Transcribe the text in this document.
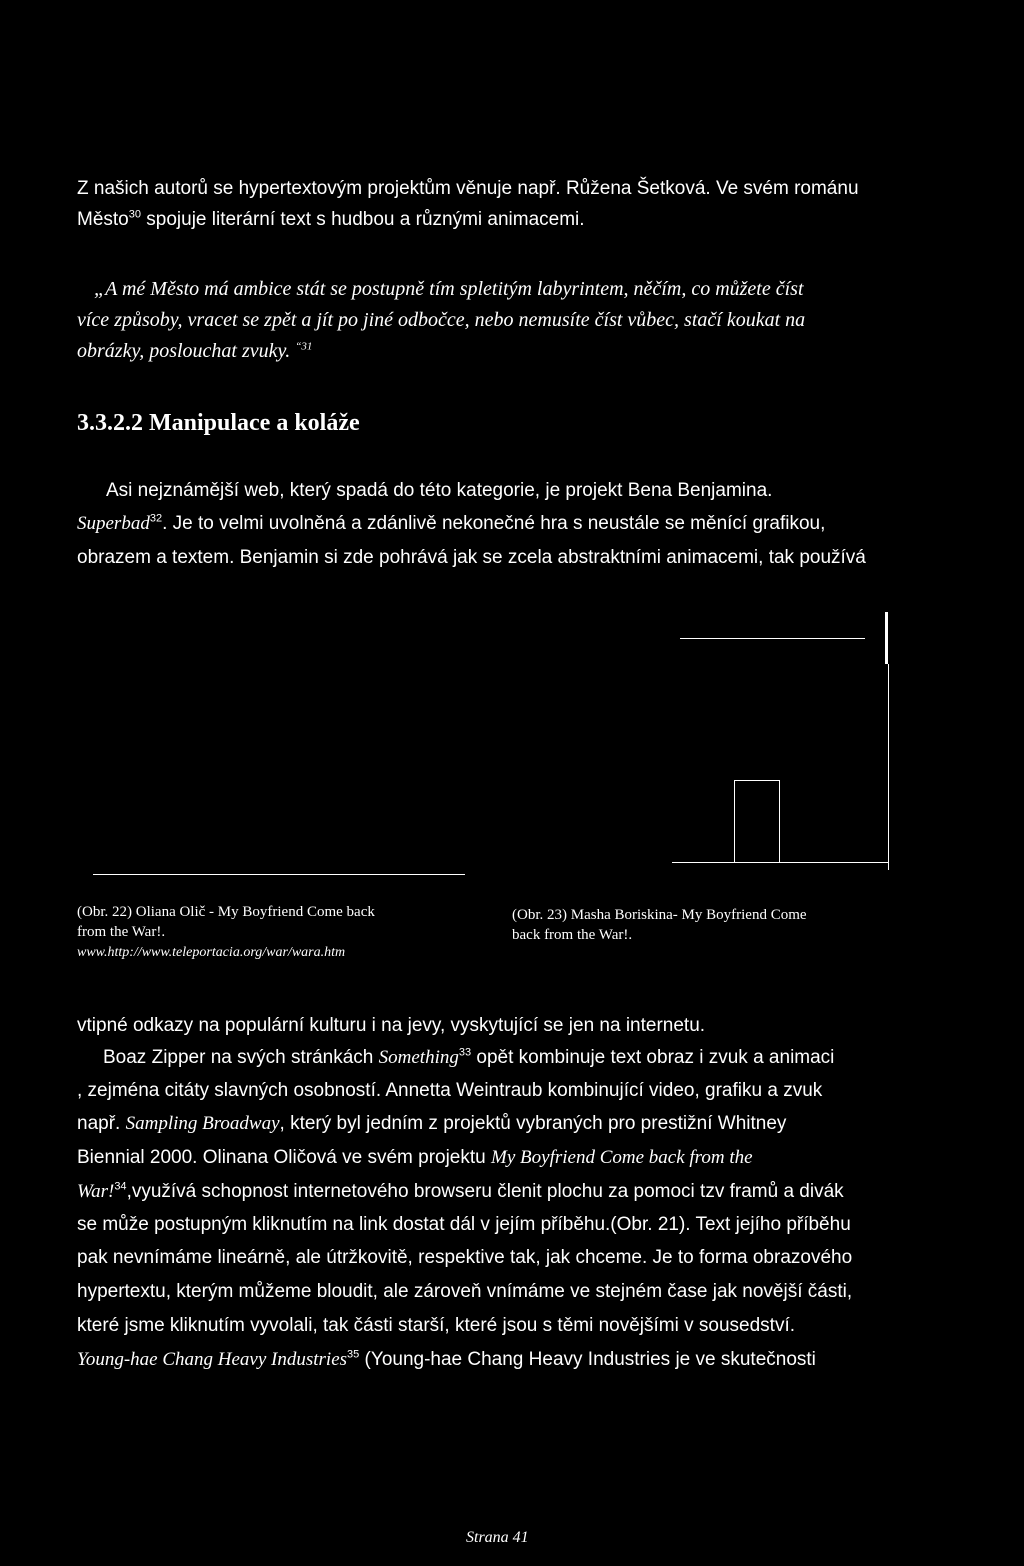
Z našich autorů se hypertextovým projektům věnuje např. Růžena Šetková. Ve svém románu
Město$^{30}$ spojuje literární text s hudbou a různými animacemi.
„A mé Město má ambice stát se postupně tím spletitým labyrintem, něčím, co můžete číst
více způsoby, vracet se zpět a jít po jiné odbočce, nebo nemusíte číst vůbec, stačí koukat na
obrázky, poslouchat zvuky. $^{“31}$
3.3.2.2 Manipulace a koláže
Asi nejznámější web, který spadá do této kategorie, je projekt Bena Benjamina.
Superbad$^{32}$. Je to velmi uvolněná a zdánlivě nekonečné hra s neustále se měnící grafikou,
obrazem a textem. Benjamin si zde pohrává jak se zcela abstraktními animacemi, tak používá
(Obr. 22) Oliana Olič - My Boyfriend Come back
from the War!.
www.http://www.teleportacia.org/war/wara.htm
(Obr. 23) Masha Boriskina- My Boyfriend Come
back from the War!.
vtipné odkazy na populární kulturu i na jevy, vyskytující se jen na internetu.
Boaz Zipper na svých stránkách Something$^{33}$ opět kombinuje text obraz i zvuk a animaci
, zejména citáty slavných osobností. Annetta Weintraub kombinující video, grafiku a zvuk
např. Sampling Broadway, který byl jedním z projektů vybraných pro prestižní Whitney
Biennial 2000. Olinana Oličová ve svém projektu My Boyfriend Come back from the
War!$^{34}$,využívá schopnost internetového browseru členit plochu za pomoci tzv framů a divák
se může postupným kliknutím na link dostat dál v jejím příběhu.(Obr. 21). Text jejího příběhu
pak nevnímáme lineárně, ale útržkovitě, respektive tak, jak chceme. Je to forma obrazového
hypertextu, kterým můžeme bloudit, ale zároveň vnímáme ve stejném čase jak novější části,
které jsme kliknutím vyvolali, tak části starší, které jsou s těmi novějšími v sousedství.
Young-hae Chang Heavy Industries$^{35}$ (Young-hae Chang Heavy Industries je ve skutečnosti
Strana 41
